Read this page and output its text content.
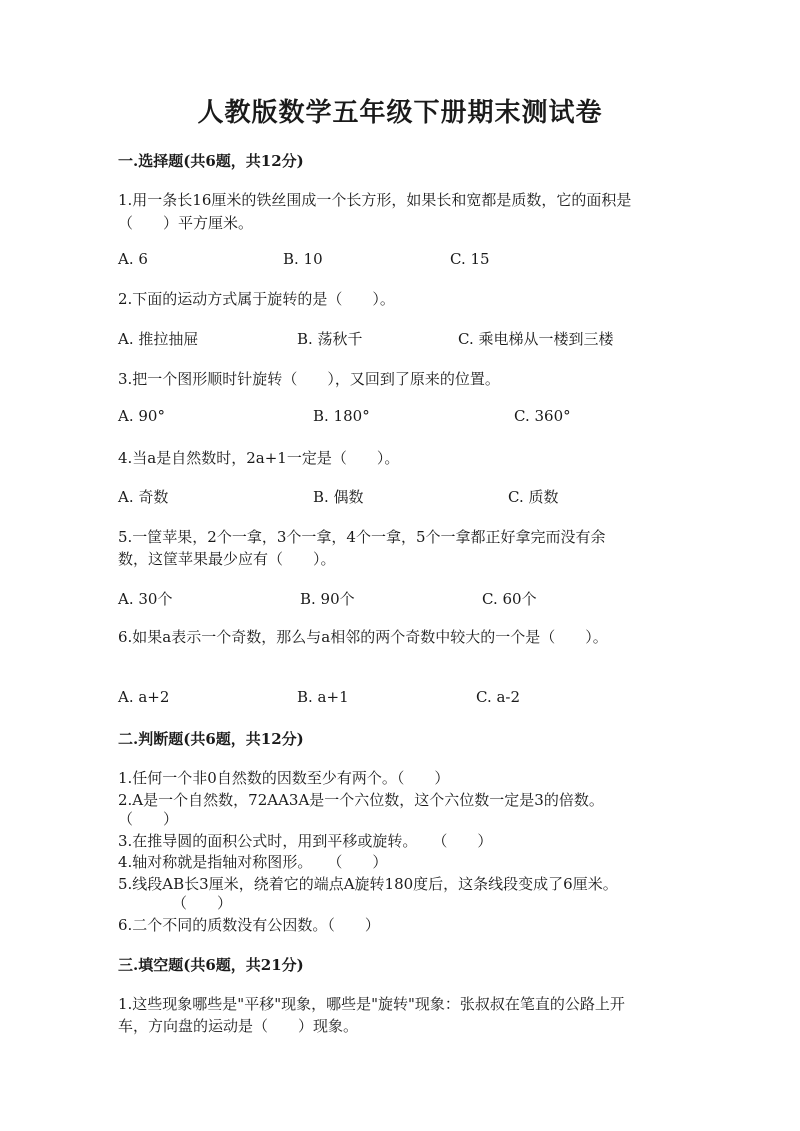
人教版数学五年级下册期末测试卷
一.选择题(共6题，共12分)
1.用一条长16厘米的铁丝围成一个长方形，如果长和宽都是质数，它的面积是
（　　）平方厘米。
A. 6	B. 10	C. 15
2.下面的运动方式属于旋转的是（　　）。
A. 推拉抽屉	B. 荡秋千	C. 乘电梯从一楼到三楼
3.把一个图形顺时针旋转（　　），又回到了原来的位置。
A. 90°	B. 180°	C. 360°
4.当a是自然数时，2a+1一定是（　　）。
A. 奇数	B. 偶数	C. 质数
5.一筐苹果，2个一拿，3个一拿，4个一拿，5个一拿都正好拿完而没有余
数，这筐苹果最少应有（　　）。
A. 30个	B. 90个	C. 60个
6.如果a表示一个奇数，那么与a相邻的两个奇数中较大的一个是（　　）。
A. a+2	B. a+1	C. a-2
二.判断题(共6题，共12分)
1.任何一个非0自然数的因数至少有两个。（　　）
2.A是一个自然数，72AA3A是一个六位数，这个六位数一定是3的倍数。
（　　）
3.在推导圆的面积公式时，用到平移或旋转。　　（　　）
4.轴对称就是指轴对称图形。　　（　　）
5.线段AB长3厘米，绕着它的端点A旋转180度后，这条线段变成了6厘米。
（　　）
6.二个不同的质数没有公因数。（　　）
三.填空题(共6题，共21分)
1.这些现象哪些是"平移"现象，哪些是"旋转"现象：张叔叔在笔直的公路上开
车，方向盘的运动是（　　）现象。
